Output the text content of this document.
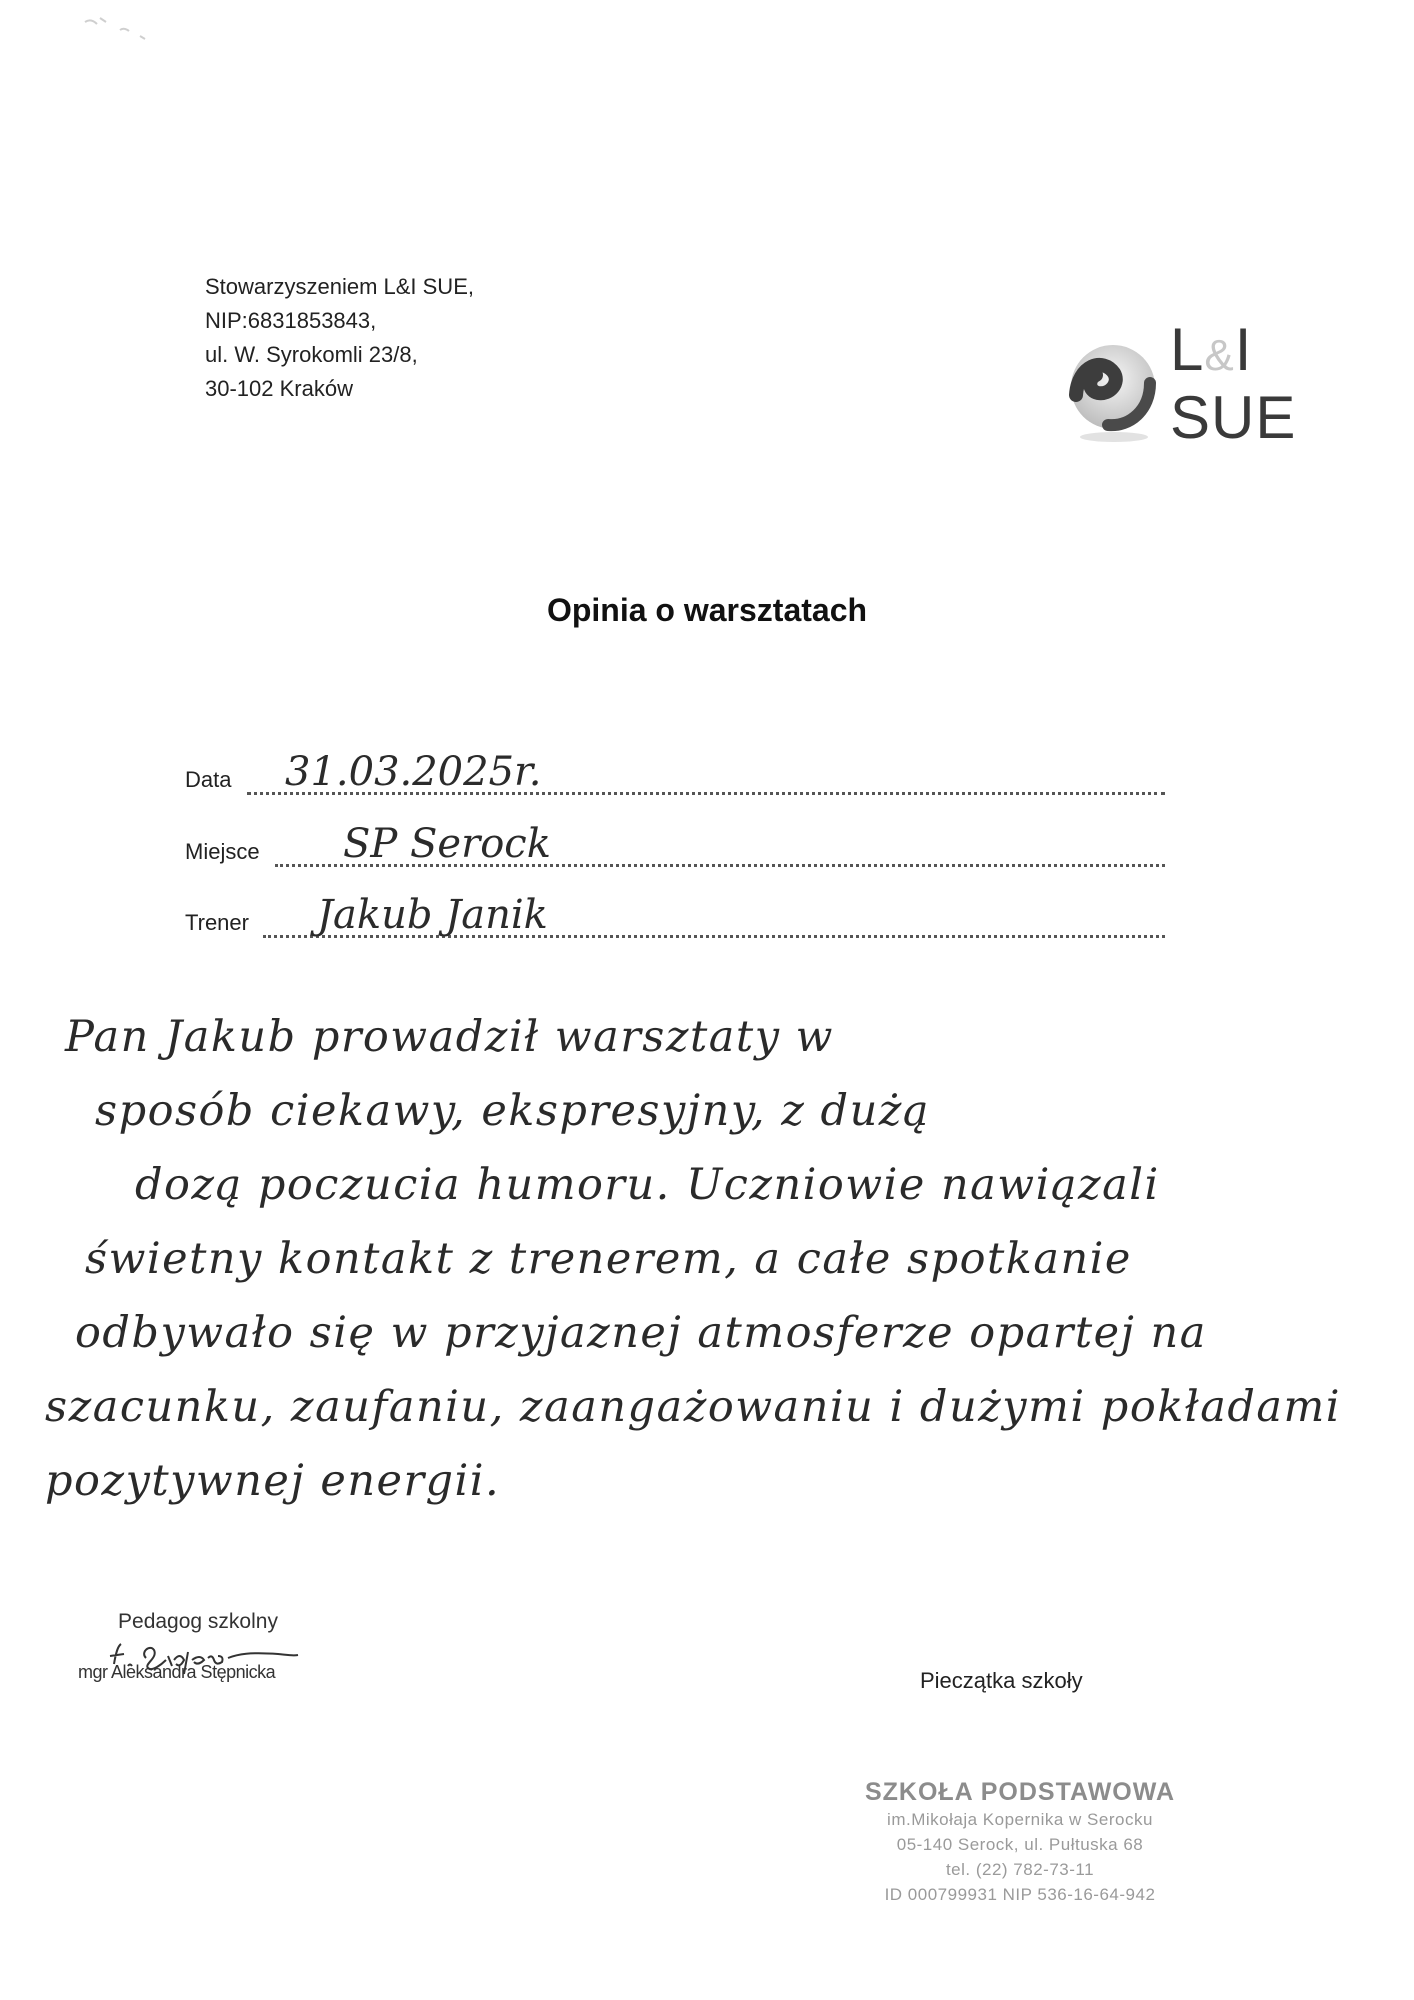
Stowarzyszeniem L&I SUE,
NIP:6831853843,
ul. W. Syrokomli 23/8,
30-102 Kraków
L&I
SUE
Opinia o warsztatach
Data 31.03.2025r.
Miejsce SP Serock
Trener Jakub Janik
Pan Jakub prowadził warsztaty w
sposób ciekawy, ekspresyjny, z dużą
dozą poczucia humoru. Uczniowie nawiązali
świetny kontakt z trenerem, a całe spotkanie
odbywało się w przyjaznej atmosferze opartej na
szacunku, zaufaniu, zaangażowaniu i dużymi pokładami
pozytywnej energii.
Pedagog szkolny
mgr Aleksandra Stępnicka	Pieczątka szkoły
SZKOŁA PODSTAWOWA
im.Mikołaja Kopernika w Serocku
05-140 Serock, ul. Pułtuska 68
tel. (22) 782-73-11
ID 000799931 NIP 536-16-64-942
